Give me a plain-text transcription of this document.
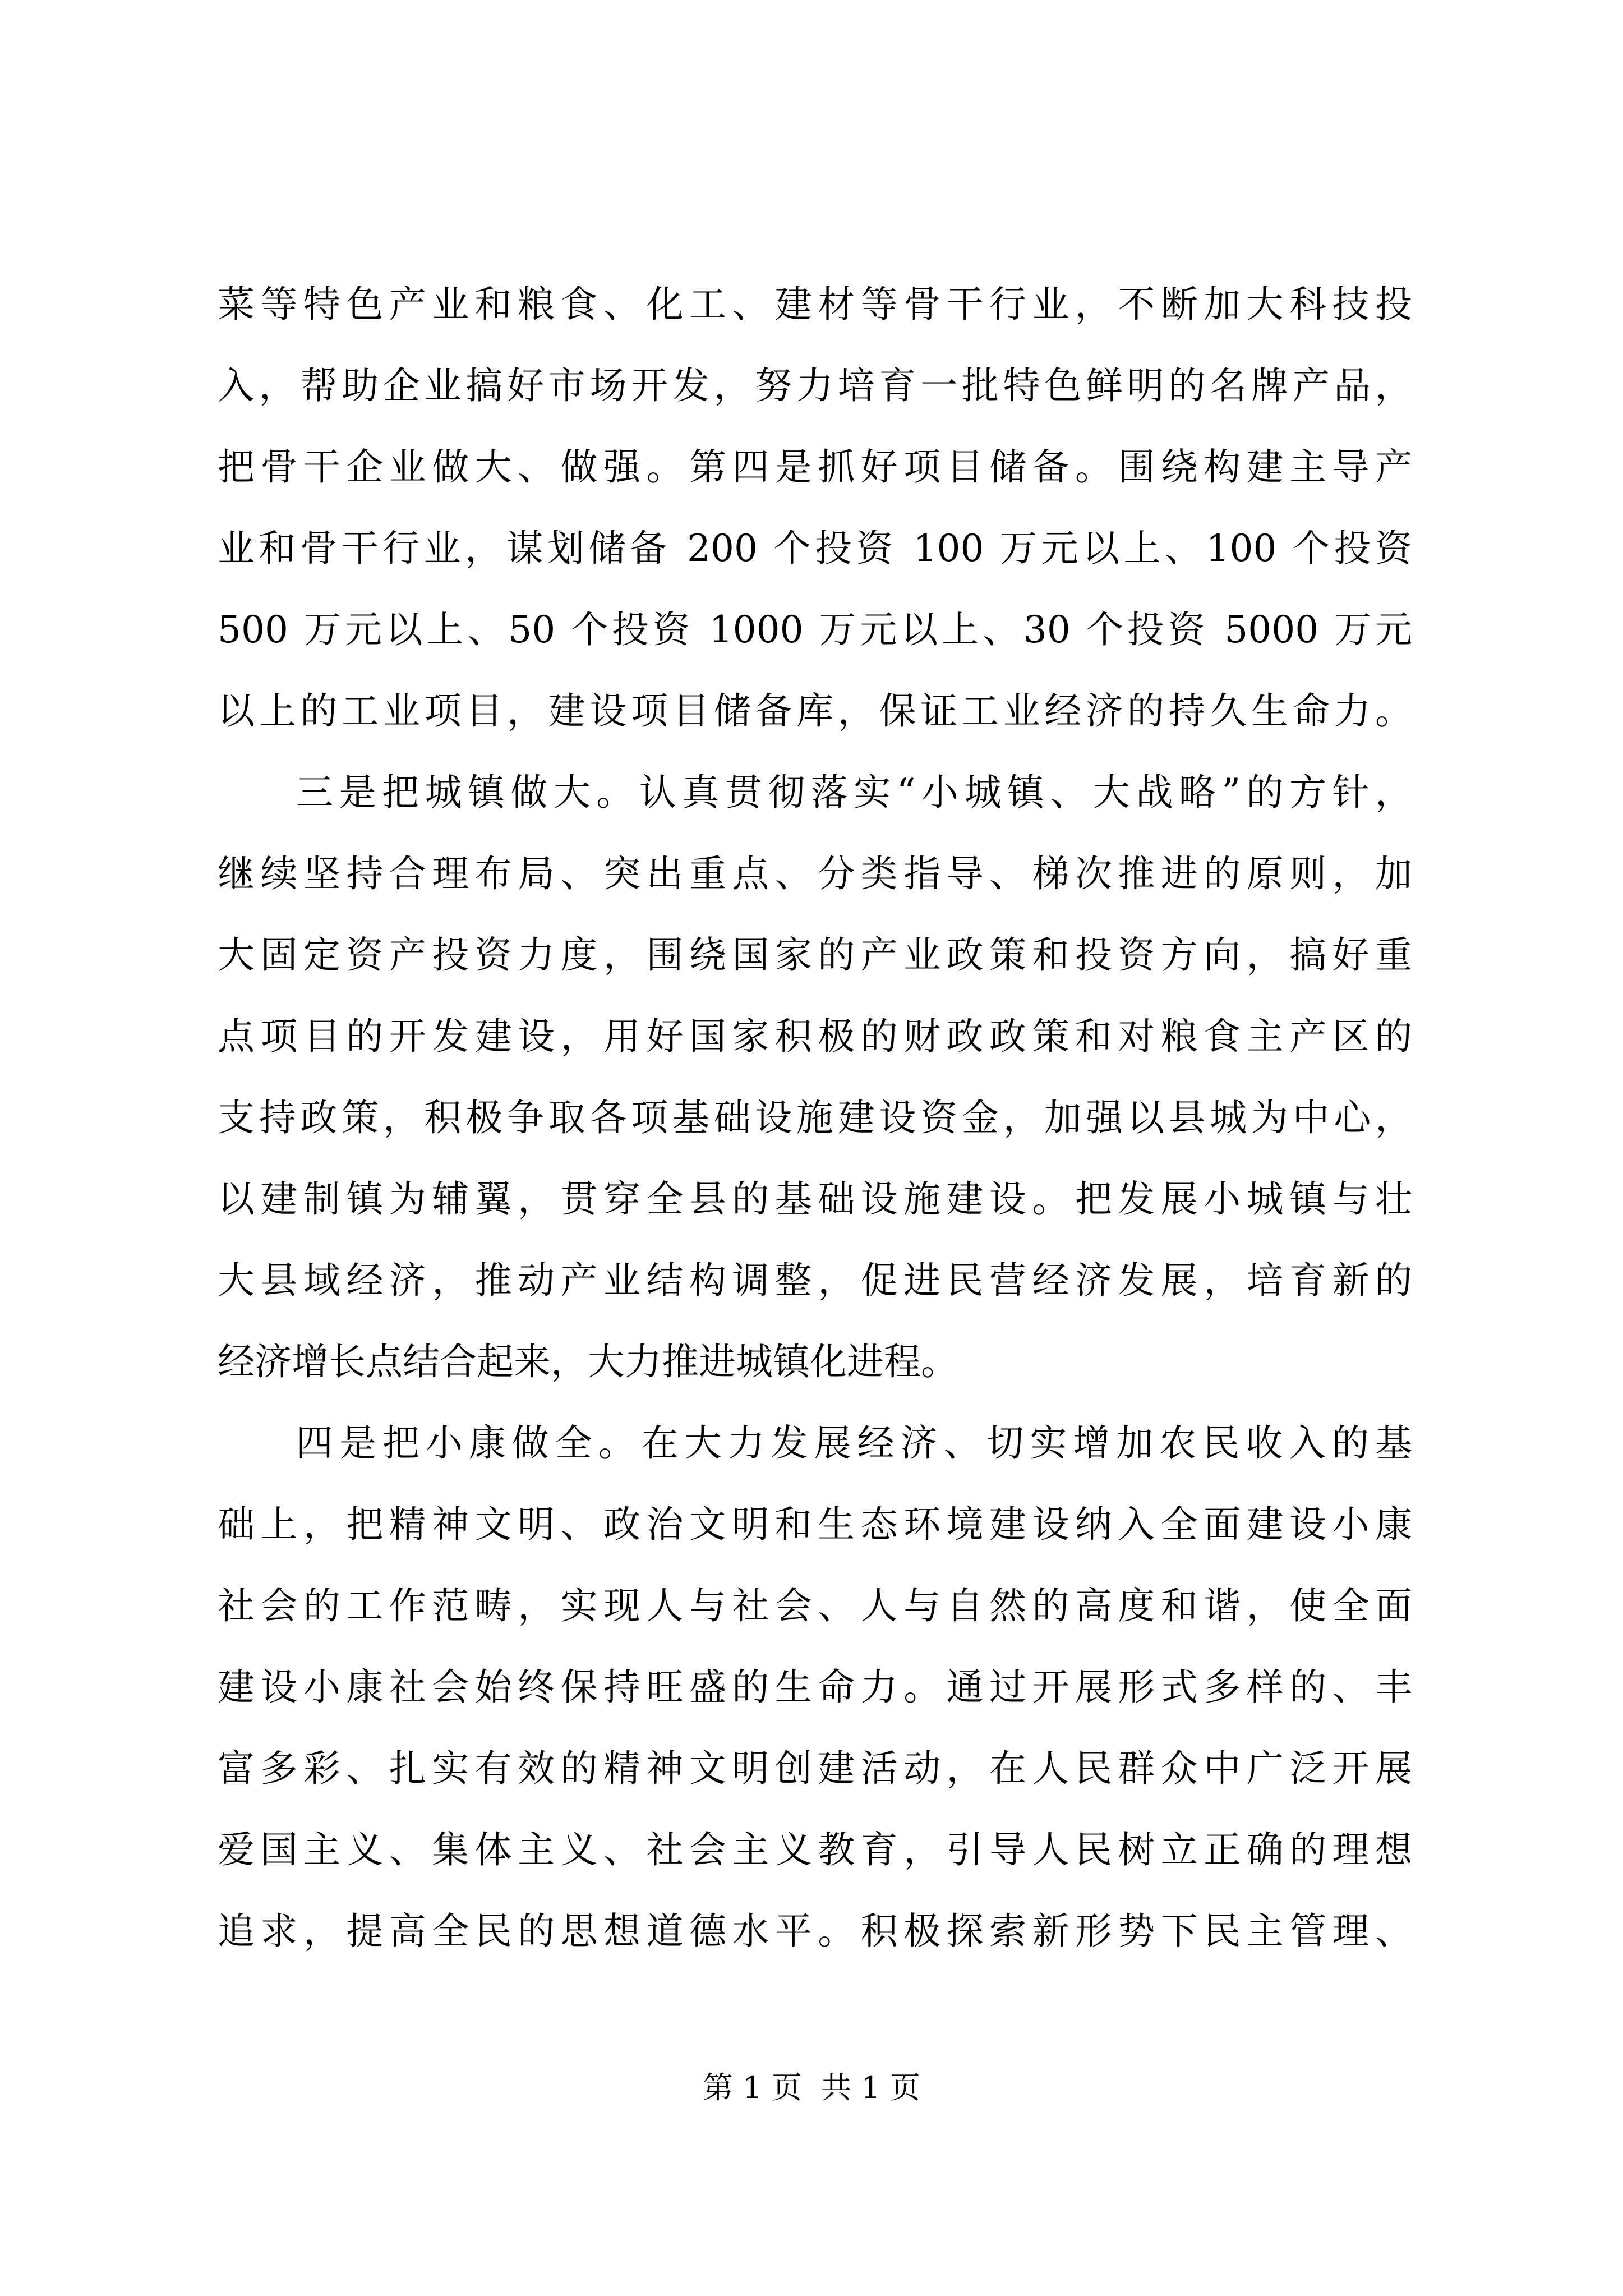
菜等特色产业和粮食、化工、建材等骨干行业，不断加大科技投
入，帮助企业搞好市场开发，努力培育一批特色鲜明的名牌产品，
把骨干企业做大、做强。第四是抓好项目储备。围绕构建主导产
业和骨干行业，谋划储备 200 个投资 100 万元以上、100 个投资
500 万元以上、50 个投资 1000 万元以上、30 个投资 5000 万元
以上的工业项目，建设项目储备库，保证工业经济的持久生命力。
三是把城镇做大。认真贯彻落实“小城镇、大战略”的方针，
继续坚持合理布局、突出重点、分类指导、梯次推进的原则，加
大固定资产投资力度，围绕国家的产业政策和投资方向，搞好重
点项目的开发建设，用好国家积极的财政政策和对粮食主产区的
支持政策，积极争取各项基础设施建设资金，加强以县城为中心，
以建制镇为辅翼，贯穿全县的基础设施建设。把发展小城镇与壮
大县域经济，推动产业结构调整，促进民营经济发展，培育新的
经济增长点结合起来，大力推进城镇化进程。
四是把小康做全。在大力发展经济、切实增加农民收入的基
础上，把精神文明、政治文明和生态环境建设纳入全面建设小康
社会的工作范畴，实现人与社会、人与自然的高度和谐，使全面
建设小康社会始终保持旺盛的生命力。通过开展形式多样的、丰
富多彩、扎实有效的精神文明创建活动，在人民群众中广泛开展
爱国主义、集体主义、社会主义教育，引导人民树立正确的理想
追求，提高全民的思想道德水平。积极探索新形势下民主管理、
第 1 页  共 1 页
